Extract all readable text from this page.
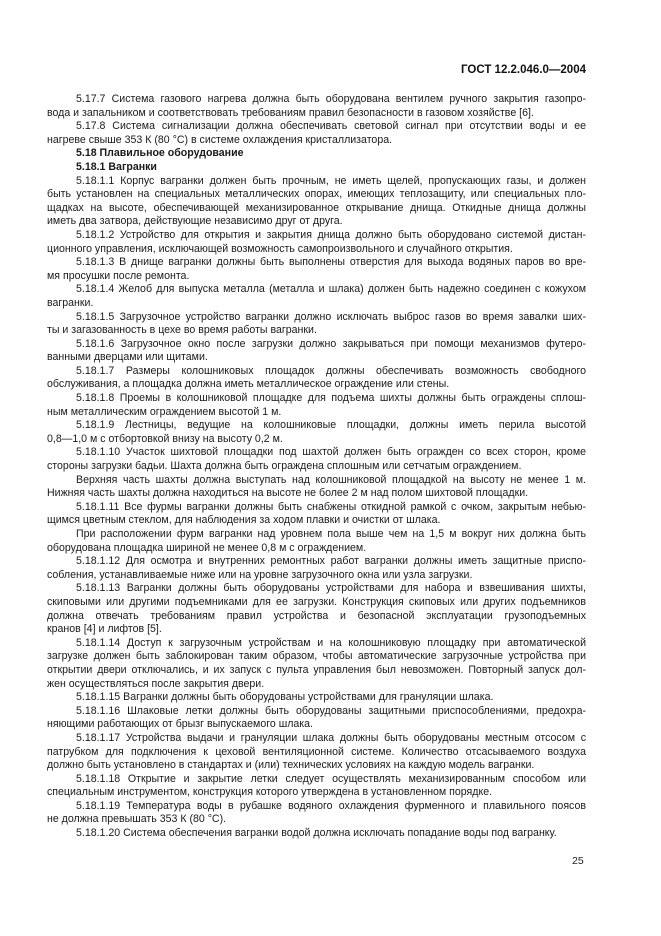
ГОСТ 12.2.046.0—2004
5.17.7 Система газового нагрева должна быть оборудована вентилем ручного закрытия газопро-
вода и запальником и соответствовать требованиям правил безопасности в газовом хозяйстве [6].
5.17.8 Система сигнализации должна обеспечивать световой сигнал при отсутствии воды и ее
нагреве свыше 353 К (80 °С) в системе охлаждения кристаллизатора.
5.18 Плавильное оборудование
5.18.1 Вагранки
5.18.1.1 Корпус вагранки должен быть прочным, не иметь щелей, пропускающих газы, и должен
быть установлен на специальных металлических опорах, имеющих теплозащиту, или специальных пло-
щадках на высоте, обеспечивающей механизированное открывание днища. Откидные днища должны
иметь два затвора, действующие независимо друг от друга.
5.18.1.2 Устройство для открытия и закрытия днища должно быть оборудовано системой дистан-
ционного управления, исключающей возможность самопроизвольного и случайного открытия.
5.18.1.3 В днище вагранки должны быть выполнены отверстия для выхода водяных паров во вре-
мя просушки после ремонта.
5.18.1.4 Желоб для выпуска металла (металла и шлака) должен быть надежно соединен с кожухом
вагранки.
5.18.1.5 Загрузочное устройство вагранки должно исключать выброс газов во время завалки ших-
ты и загазованность в цехе во время работы вагранки.
5.18.1.6 Загрузочное окно после загрузки должно закрываться при помощи механизмов футеро-
ванными дверцами или щитами.
5.18.1.7 Размеры колошниковых площадок должны обеспечивать возможность свободного
обслуживания, а площадка должна иметь металлическое ограждение или стены.
5.18.1.8 Проемы в колошниковой площадке для подъема шихты должны быть ограждены сплош-
ным металлическим ограждением высотой 1 м.
5.18.1.9 Лестницы, ведущие на колошниковые площадки, должны иметь перила высотой
0,8—1,0 м с отбортовкой внизу на высоту 0,2 м.
5.18.1.10 Участок шихтовой площадки под шахтой должен быть огражден со всех сторон, кроме
стороны загрузки бадьи. Шахта должна быть ограждена сплошным или сетчатым ограждением.
Верхняя часть шахты должна выступать над колошниковой площадкой на высоту не менее 1 м.
Нижняя часть шахты должна находиться на высоте не более 2 м над полом шихтовой площадки.
5.18.1.11 Все фурмы вагранки должны быть снабжены откидной рамкой с очком, закрытым небью-
щимся цветным стеклом, для наблюдения за ходом плавки и очистки от шлака.
При расположении фурм вагранки над уровнем пола выше чем на 1,5 м вокруг них должна быть
оборудована площадка шириной не менее 0,8 м с ограждением.
5.18.1.12 Для осмотра и внутренних ремонтных работ вагранки должны иметь защитные приспо-
собления, устанавливаемые ниже или на уровне загрузочного окна или узла загрузки.
5.18.1.13 Вагранки должны быть оборудованы устройствами для набора и взвешивания шихты,
скиповыми или другими подъемниками для ее загрузки. Конструкция скиповых или других подъемников
должна отвечать требованиям правил устройства и безопасной эксплуатации грузоподъемных
кранов [4] и лифтов [5].
5.18.1.14 Доступ к загрузочным устройствам и на колошниковую площадку при автоматической
загрузке должен быть заблокирован таким образом, чтобы автоматические загрузочные устройства при
открытии двери отключались, и их запуск с пульта управления был невозможен. Повторный запуск дол-
жен осуществляться после закрытия двери.
5.18.1.15 Вагранки должны быть оборудованы устройствами для грануляции шлака.
5.18.1.16 Шлаковые летки должны быть оборудованы защитными приспособлениями, предохра-
няющими работающих от брызг выпускаемого шлака.
5.18.1.17 Устройства выдачи и грануляции шлака должны быть оборудованы местным отсосом с
патрубком для подключения к цеховой вентиляционной системе. Количество отсасываемого воздуха
должно быть установлено в стандартах и (или) технических условиях на каждую модель вагранки.
5.18.1.18 Открытие и закрытие летки следует осуществлять механизированным способом или
специальным инструментом, конструкция которого утверждена в установленном порядке.
5.18.1.19 Температура воды в рубашке водяного охлаждения фурменного и плавильного поясов
не должна превышать 353 К (80 °С).
5.18.1.20 Система обеспечения вагранки водой должна исключать попадание воды под вагранку.
25
